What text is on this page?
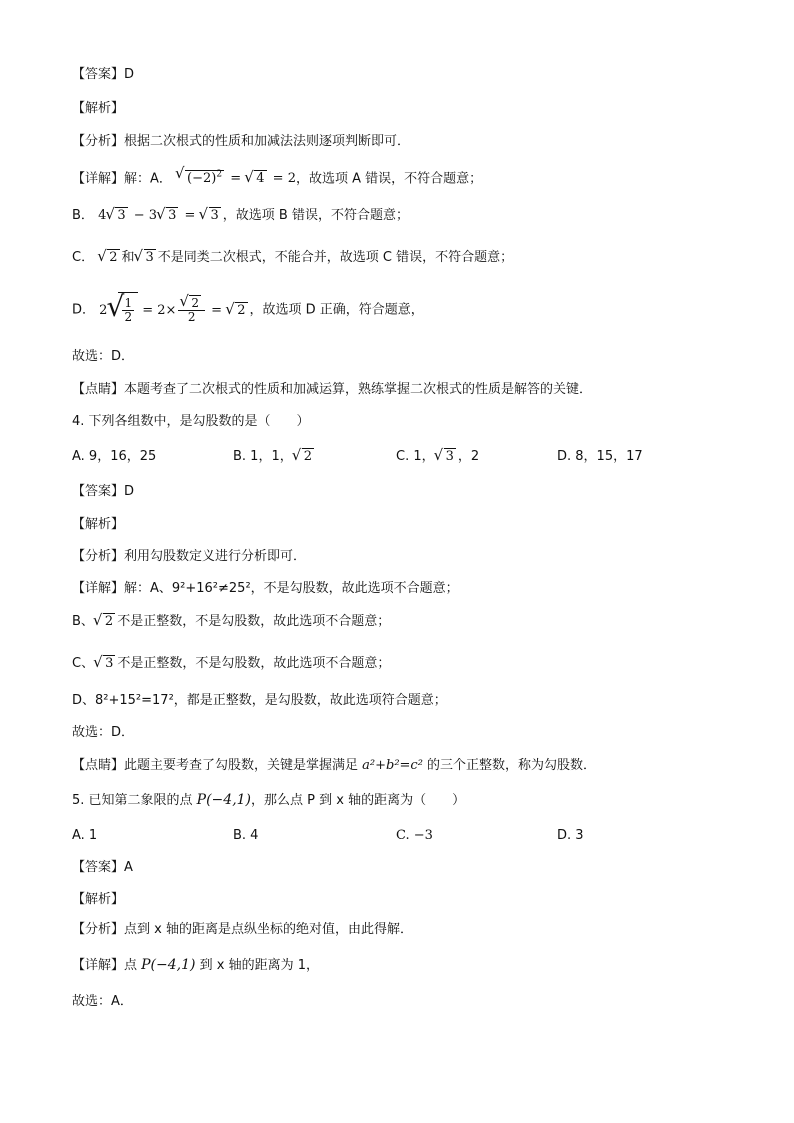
【答案】D
【解析】
【分析】根据二次根式的性质和加减法法则逐项判断即可．
【详解】解：A． √ $(-2)^2$ = √ 4 = 2，故选项 A 错误，不符合题意；
B． 4 √ 3 − 3 √ 3 = √ 3 ，故选项 B 错误，不符合题意；
C． √ 2 和 √ 3 不是同类二次根式，不能合并，故选项 C 错误，不符合题意；
D． 2 √ $\frac{1}{2} = 2\times$ √ $\frac{2}{2}$ = √ 2 ，故选项 D 正确，符合题意，
故选：D．
【点睛】本题考查了二次根式的性质和加减运算，熟练掌握二次根式的性质是解答的关键．
4. 下列各组数中，是勾股数的是（　　）
A. 9，16，25	B. 1，1， √ 2	C. 1， √ 3 ，2	D. 8，15，17
【答案】D
【解析】
【分析】利用勾股数定义进行分析即可．
【详解】解：A、9²+16²≠25²，不是勾股数，故此选项不合题意；
B、 √ 2 不是正整数，不是勾股数，故此选项不合题意；
C、 √ 3 不是正整数，不是勾股数，故此选项不合题意；
D、8²+15²=17²，都是正整数，是勾股数，故此选项符合题意；
故选：D．
【点睛】此题主要考查了勾股数，关键是掌握满足 a²+b²=c² 的三个正整数，称为勾股数．
5. 已知第二象限的点 P(−4,1)，那么点 P 到 x 轴的距离为（　　）
A. 1	B. 4	C. −3	D. 3
【答案】A
【解析】
【分析】点到 x 轴的距离是点纵坐标的绝对值，由此得解．
【详解】点 P(−4,1) 到 x 轴的距离为 1，
故选：A．
